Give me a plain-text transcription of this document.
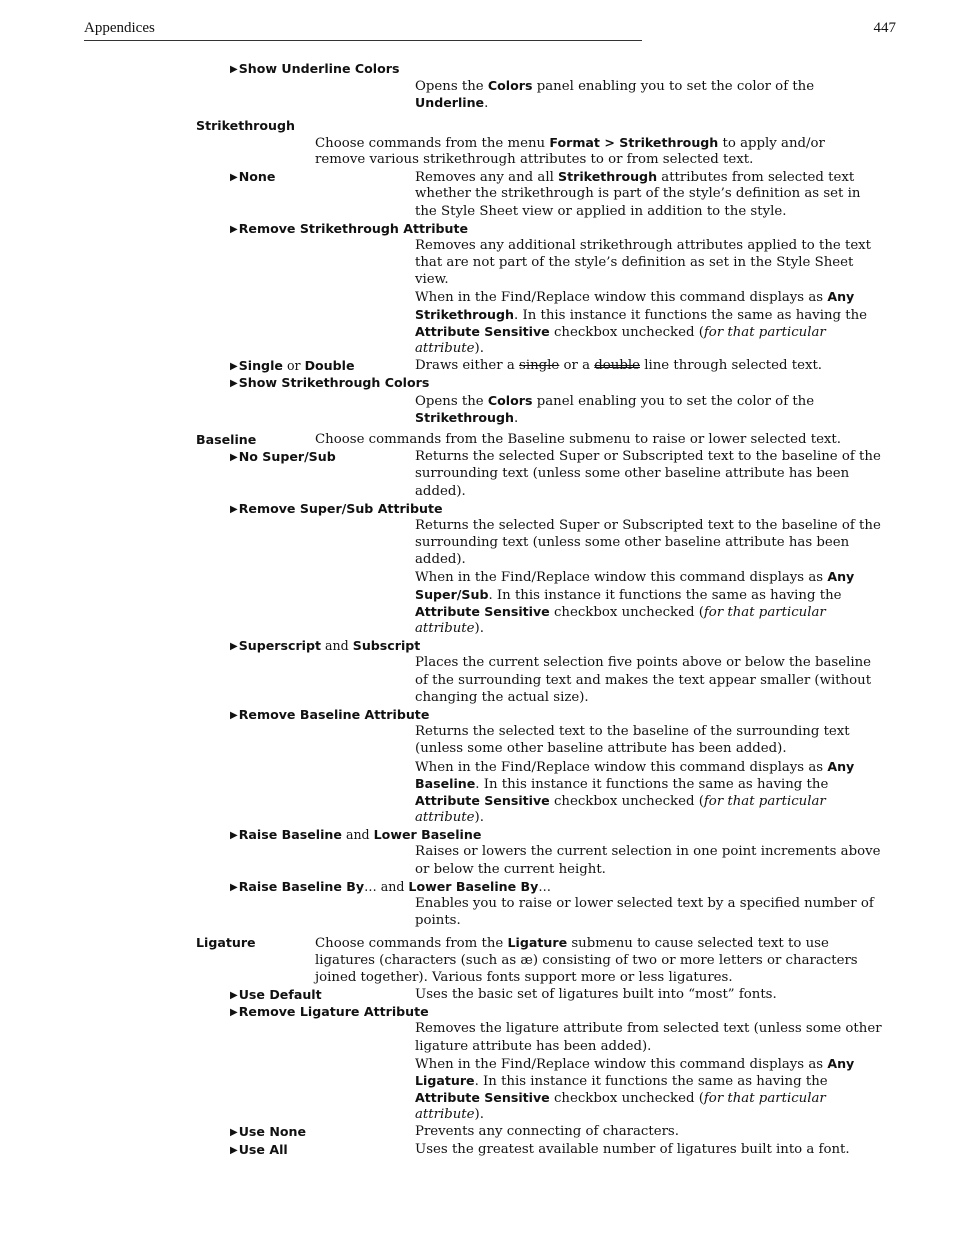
Appendices	447
▶Show Underline Colors
Opens the Colors panel enabling you to set the color of the
Underline.
Strikethrough
Choose commands from the menu Format > Strikethrough to apply and/or
remove various strikethrough attributes to or from selected text.
▶None	Removes any and all Strikethrough attributes from selected text
whether the strikethrough is part of the style’s definition as set in
the Style Sheet view or applied in addition to the style.
▶Remove Strikethrough Attribute
Removes any additional strikethrough attributes applied to the text
that are not part of the style’s definition as set in the Style Sheet
view.
When in the Find/Replace window this command displays as Any
Strikethrough. In this instance it functions the same as having the
Attribute Sensitive checkbox unchecked (for that particular
attribute).
▶Single or Double	Draws either a single or a double line through selected text.
▶Show Strikethrough Colors
Opens the Colors panel enabling you to set the color of the
Strikethrough.
Baseline	Choose commands from the Baseline submenu to raise or lower selected text.
▶No Super/Sub	Returns the selected Super or Subscripted text to the baseline of the
surrounding text (unless some other baseline attribute has been
added).
▶Remove Super/Sub Attribute
Returns the selected Super or Subscripted text to the baseline of the
surrounding text (unless some other baseline attribute has been
added).
When in the Find/Replace window this command displays as Any
Super/Sub. In this instance it functions the same as having the
Attribute Sensitive checkbox unchecked (for that particular
attribute).
▶Superscript and Subscript
Places the current selection five points above or below the baseline
of the surrounding text and makes the text appear smaller (without
changing the actual size).
▶Remove Baseline Attribute
Returns the selected text to the baseline of the surrounding text
(unless some other baseline attribute has been added).
When in the Find/Replace window this command displays as Any
Baseline. In this instance it functions the same as having the
Attribute Sensitive checkbox unchecked (for that particular
attribute).
▶Raise Baseline and Lower Baseline
Raises or lowers the current selection in one point increments above
or below the current height.
▶Raise Baseline By… and Lower Baseline By…
Enables you to raise or lower selected text by a specified number of
points.
Ligature	Choose commands from the Ligature submenu to cause selected text to use
ligatures (characters (such as æ) consisting of two or more letters or characters
joined together). Various fonts support more or less ligatures.
▶Use Default	Uses the basic set of ligatures built into “most” fonts.
▶Remove Ligature Attribute
Removes the ligature attribute from selected text (unless some other
ligature attribute has been added).
When in the Find/Replace window this command displays as Any
Ligature. In this instance it functions the same as having the
Attribute Sensitive checkbox unchecked (for that particular
attribute).
▶Use None	Prevents any connecting of characters.
▶Use All	Uses the greatest available number of ligatures built into a font.
